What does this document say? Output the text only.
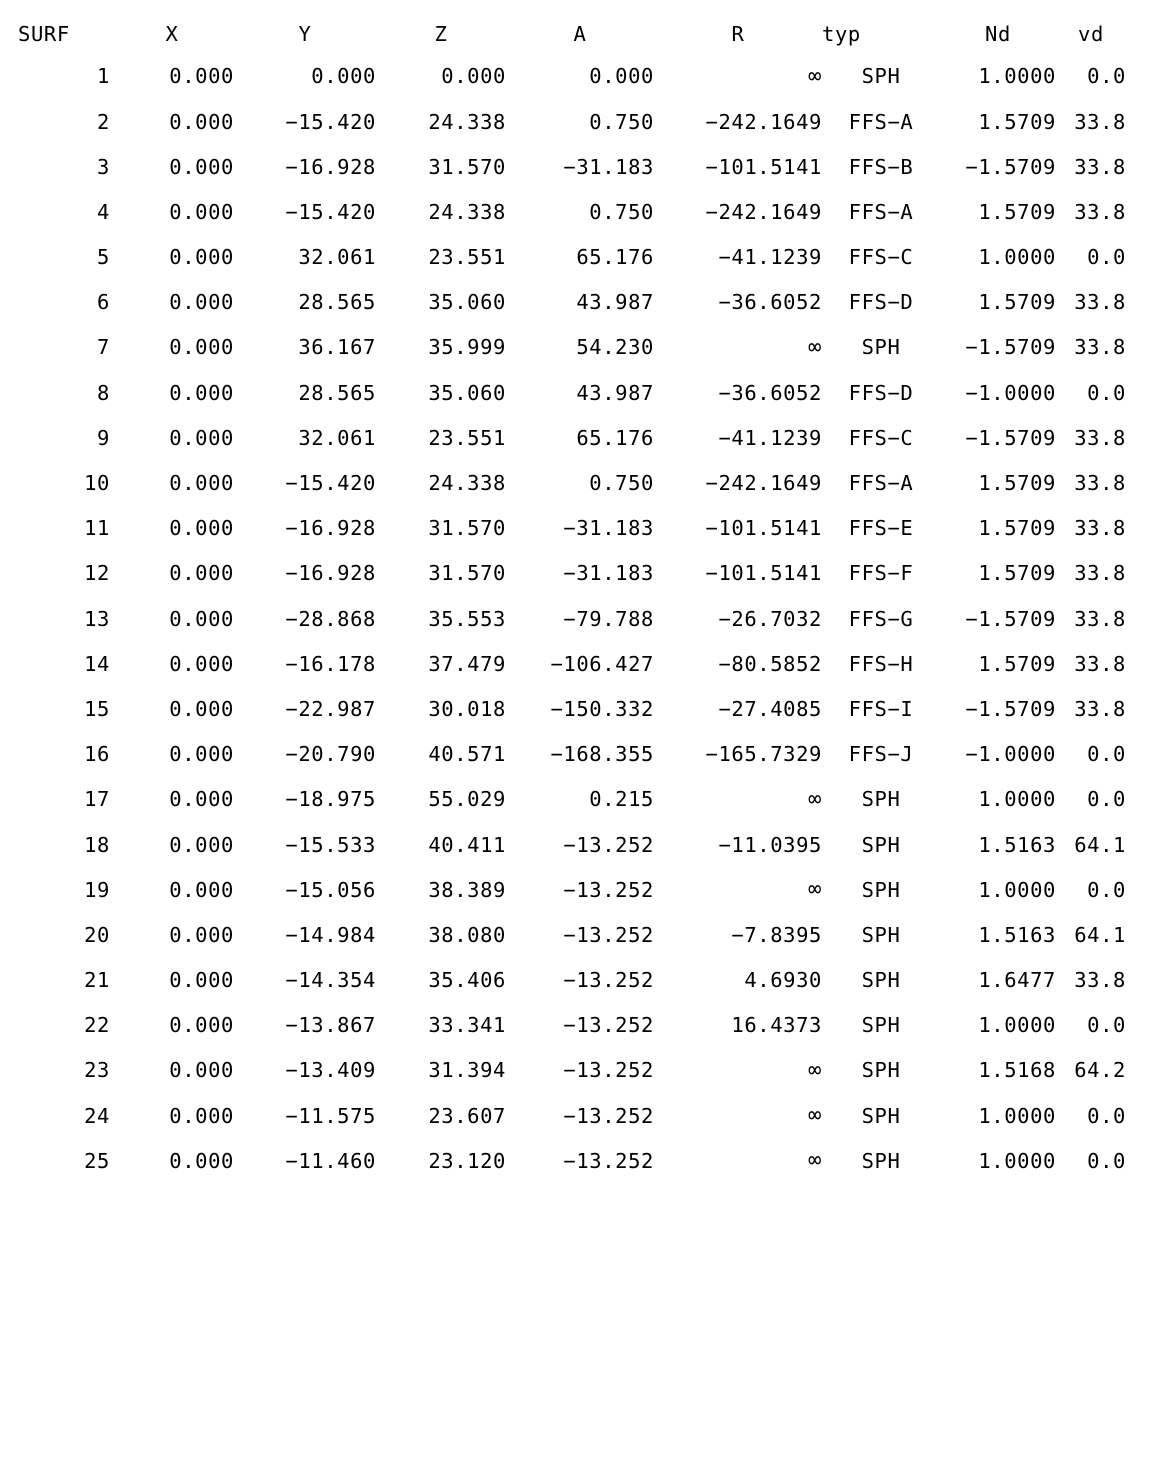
SURF	X	Y	Z	A	R	typ	Nd	vd
1	0.000	0.000	0.000	0.000	∞	SPH	1.0000	0.0
2	0.000	−15.420	24.338	0.750	−242.1649	FFS−A	1.5709	33.8
3	0.000	−16.928	31.570	−31.183	−101.5141	FFS−B	−1.5709	33.8
4	0.000	−15.420	24.338	0.750	−242.1649	FFS−A	1.5709	33.8
5	0.000	32.061	23.551	65.176	−41.1239	FFS−C	1.0000	0.0
6	0.000	28.565	35.060	43.987	−36.6052	FFS−D	1.5709	33.8
7	0.000	36.167	35.999	54.230	∞	SPH	−1.5709	33.8
8	0.000	28.565	35.060	43.987	−36.6052	FFS−D	−1.0000	0.0
9	0.000	32.061	23.551	65.176	−41.1239	FFS−C	−1.5709	33.8
10	0.000	−15.420	24.338	0.750	−242.1649	FFS−A	1.5709	33.8
11	0.000	−16.928	31.570	−31.183	−101.5141	FFS−E	1.5709	33.8
12	0.000	−16.928	31.570	−31.183	−101.5141	FFS−F	1.5709	33.8
13	0.000	−28.868	35.553	−79.788	−26.7032	FFS−G	−1.5709	33.8
14	0.000	−16.178	37.479	−106.427	−80.5852	FFS−H	1.5709	33.8
15	0.000	−22.987	30.018	−150.332	−27.4085	FFS−I	−1.5709	33.8
16	0.000	−20.790	40.571	−168.355	−165.7329	FFS−J	−1.0000	0.0
17	0.000	−18.975	55.029	0.215	∞	SPH	1.0000	0.0
18	0.000	−15.533	40.411	−13.252	−11.0395	SPH	1.5163	64.1
19	0.000	−15.056	38.389	−13.252	∞	SPH	1.0000	0.0
20	0.000	−14.984	38.080	−13.252	−7.8395	SPH	1.5163	64.1
21	0.000	−14.354	35.406	−13.252	4.6930	SPH	1.6477	33.8
22	0.000	−13.867	33.341	−13.252	16.4373	SPH	1.0000	0.0
23	0.000	−13.409	31.394	−13.252	∞	SPH	1.5168	64.2
24	0.000	−11.575	23.607	−13.252	∞	SPH	1.0000	0.0
25	0.000	−11.460	23.120	−13.252	∞	SPH	1.0000	0.0
